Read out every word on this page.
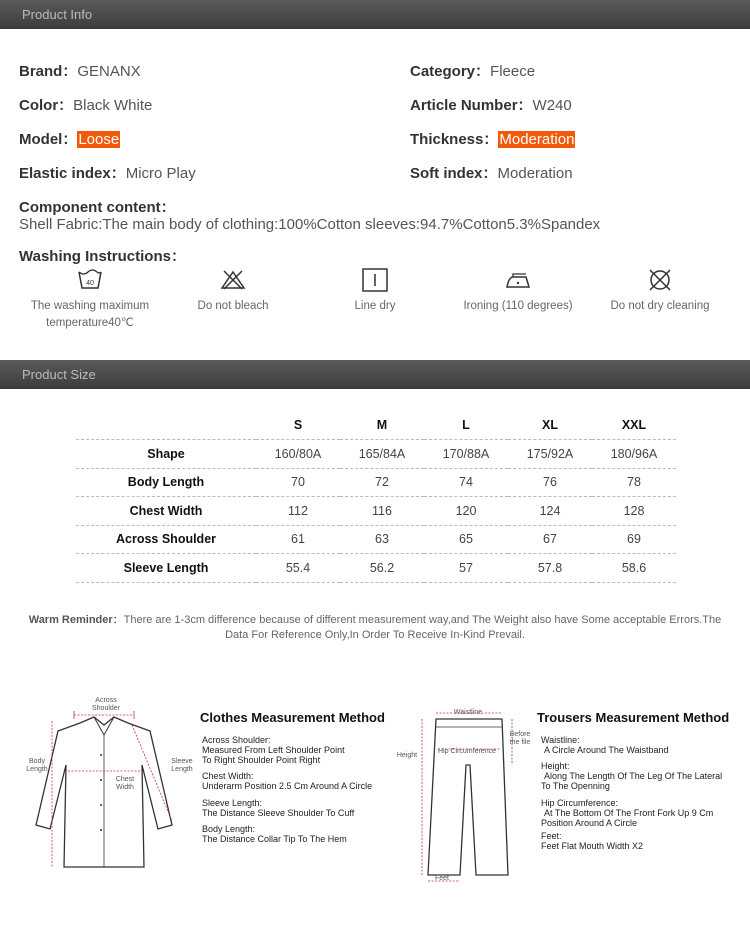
Product Info
Brand：GENANX	Category：Fleece
Color：Black White	Article Number：W240
Model：Loose	Thickness：Moderation
Elastic index：Micro Play	Soft index：Moderation
Component content：
Shell Fabric:The main body of clothing:100%Cotton sleeves:94.7%Cotton5.3%Spandex
Washing Instructions：
40
The washing maximum
temperature40℃
Do not bleach	Line dry	Ironing (110 degrees)	Do not dry cleaning
Product Size
	S	M	L	XL	XXL
Shape	160/80A	165/84A	170/88A	175/92A	180/96A
Body Length	70	72	74	76	78
Chest Width	112	116	120	124	128
Across Shoulder	61	63	65	67	69
Sleeve Length	55.4	56.2	57	57.8	58.6
Warm Reminder：There are 1-3cm difference because of different measurement way,and The Weight also have Some acceptable Errors.The
Data For Reference Only,In Order To Receive In-Kind Prevail.
Across Shoulder
Body Length
Chest Width
Sleeve Length
Clothes Measurement Method
Across Shoulder:
Measured From Left Shoulder Point
To Right Shoulder Point Right
Chest Width:
Underarm Position 2.5 Cm Around A Circle
Sleeve Length:
The Distance Sleeve Shoulder To Cuff
Body Length:
The Distance Collar Tip To The Hem
Waistline
Height
Hip Circumference
Before the file
Feet
Trousers Measurement Method
Waistline:
A Circle Around The Waistband
Height:
Along The Length Of The Leg Of The Lateral
To The Openning
Hip Circumference:
At The Bottom Of The Front Fork Up 9 Cm
Position Around A Circle
Feet:
Feet Flat Mouth Width X2
